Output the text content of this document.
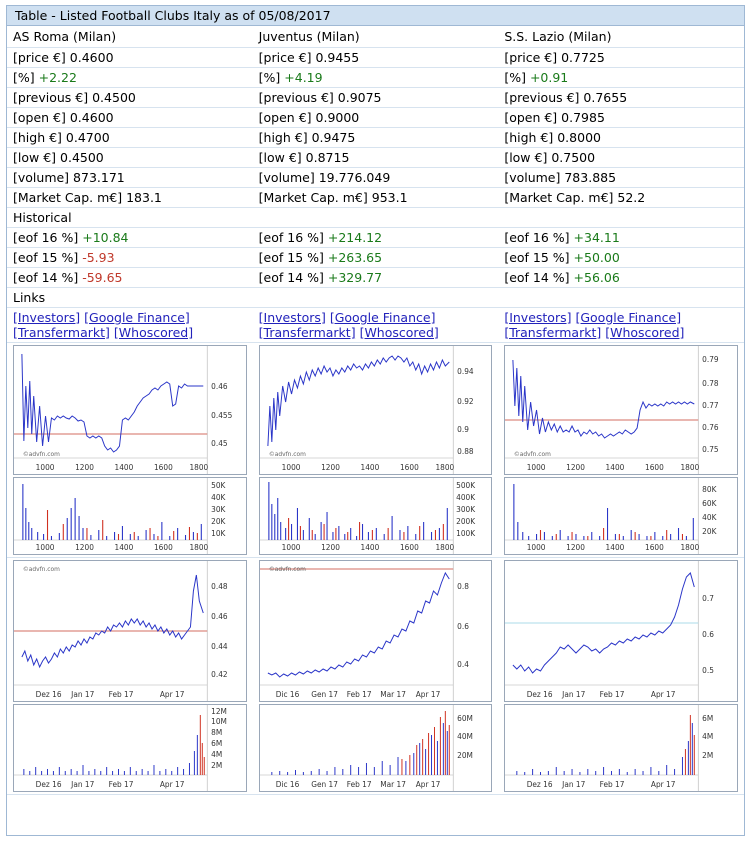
Table - Listed Football Clubs Italy as of 05/08/2017
AS Roma (Milan)	Juventus (Milan)	S.S. Lazio (Milan)
[price €] 0.4600	[price €] 0.9455	[price €] 0.7725
[%] +2.22	[%] +4.19	[%] +0.91
[previous €] 0.4500	[previous €] 0.9075	[previous €] 0.7655
[open €] 0.4600	[open €] 0.9000	[open €] 0.7985
[high €] 0.4700	[high €] 0.9475	[high €] 0.8000
[low €] 0.4500	[low €] 0.8715	[low €] 0.7500
[volume] 873.171	[volume] 19.776.049	[volume] 783.885
[Market Cap. m€] 183.1	[Market Cap. m€] 953.1	[Market Cap. m€] 52.2
Historical		
[eof 16 %] +10.84	[eof 16 %] +214.12	[eof 16 %] +34.11
[eof 15 %] -5.93	[eof 15 %] +263.65	[eof 15 %] +50.00
[eof 14 %] -59.65	[eof 14 %] +329.77	[eof 14 %] +56.06
Links		

[Investors] [Google Finance]
[Transfermarkt] [Whoscored]

[Investors] [Google Finance]
[Transfermarkt] [Whoscored]

[Investors] [Google Finance]
[Transfermarkt] [Whoscored]

0.46
0.455
0.45
1000	1200	1400	1600 1800
©advfn.com
50K
40K
30K
20K
10K
1000	1200	1400	1600 1800

0.94
0.92
0.9
0.88
1000	1200	1400	1600 1800
©advfn.com
500K
400K
300K
200K
100K
1000	1200	1400	1600 1800

0.79
0.78
0.77
0.76
0.75
1000	1200	1400	1600 1800
©advfn.com
80K
60K
40K
20K
1000	1200	1400	1600 1800

0.48
0.46
0.44
0.42
Dez 16 Jan 17 Feb 17	Apr 17
©advfn.com
12M
10M
8M
6M
4M
2M
Dez 16 Jan 17 Feb 17	Apr 17

0.8
0.6
0.4
Dic 16 Gen 17 Feb 17 Mar 17 Apr 17
©advfn.com
60M
40M
20M
Dic 16 Gen 17 Feb 17 Mar 17 Apr 17

0.7
0.6
0.5
Dez 16 Jan 17 Feb 17	Apr 17
6M
4M
2M
Dez 16 Jan 17 Feb 17	Apr 17
